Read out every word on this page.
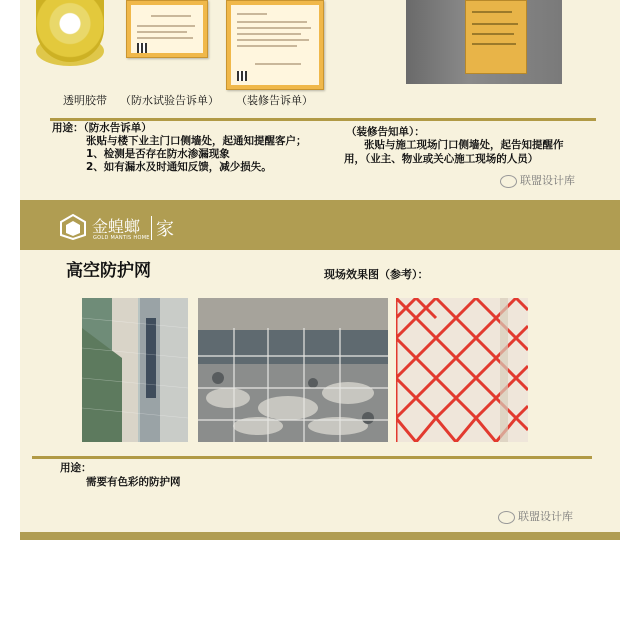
透明胶带 （防水试验告诉单） （装修告诉单）
用途：（防水告诉单）
张贴与楼下业主门口侧墙处，起通知提醒客户；
1、检测是否存在防水渗漏现象
2、如有漏水及时通知反馈，减少损失。
（装修告知单）：
张贴与施工现场门口侧墙处，起告知提醒作
用，（业主、物业或关心施工现场的人员）
联盟设计库
金蝗螂
GOLD MANTIS HOME 家
高空防护网	现场效果图（参考）：
用途：
需要有色彩的防护网
联盟设计库
